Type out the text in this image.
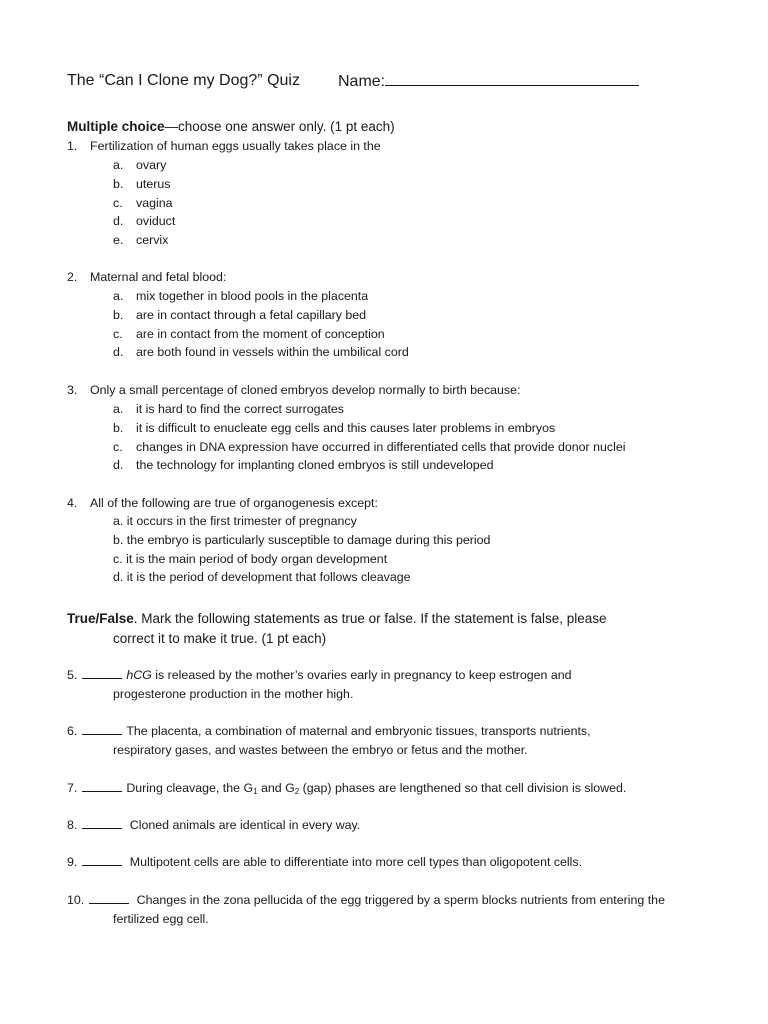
The “Can I Clone my Dog?” Quiz Name:
Multiple choice—choose one answer only. (1 pt each)
1. Fertilization of human eggs usually takes place in the
a. ovary
b. uterus
c. vagina
d. oviduct
e. cervix
2. Maternal and fetal blood:
a. mix together in blood pools in the placenta
b. are in contact through a fetal capillary bed
c. are in contact from the moment of conception
d. are both found in vessels within the umbilical cord
3. Only a small percentage of cloned embryos develop normally to birth because:
a. it is hard to find the correct surrogates
b. it is difficult to enucleate egg cells and this causes later problems in embryos
c. changes in DNA expression have occurred in differentiated cells that provide donor nuclei
d. the technology for implanting cloned embryos is still undeveloped
4. All of the following are true of organogenesis except:
a. it occurs in the first trimester of pregnancy
b. the embryo is particularly susceptible to damage during this period
c. it is the main period of body organ development
d. it is the period of development that follows cleavage
True/False. Mark the following statements as true or false. If the statement is false, please
correct it to make it true. (1 pt each)
5.	hCG is released by the mother’s ovaries early in pregnancy to keep estrogen and
progesterone production in the mother high.
6.	The placenta, a combination of maternal and embryonic tissues, transports nutrients,
respiratory gases, and wastes between the embryo or fetus and the mother.
7.	During cleavage, the $G_1$ and $G_2$ (gap) phases are lengthened so that cell division is slowed.
8.	Cloned animals are identical in every way.
9.	Multipotent cells are able to differentiate into more cell types than oligopotent cells.
10.	Changes in the zona pellucida of the egg triggered by a sperm blocks nutrients from entering the
fertilized egg cell.
